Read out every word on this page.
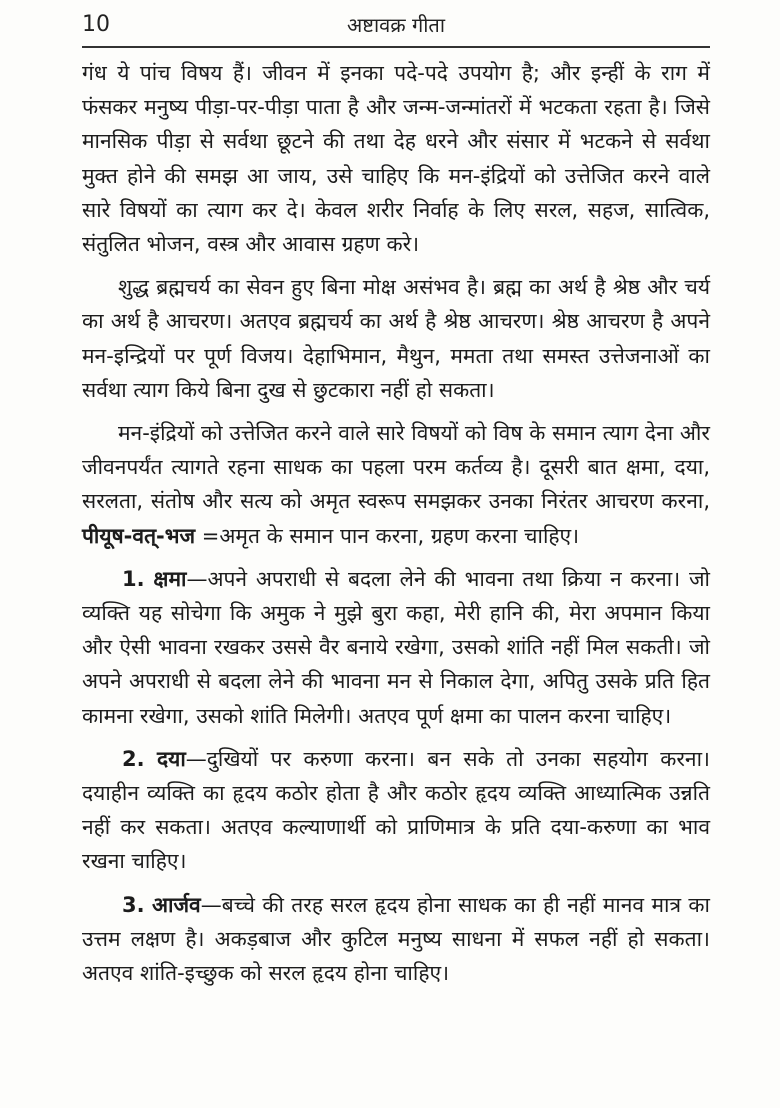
10	अष्टावक्र गीता

गंध ये पांच विषय हैं। जीवन में इनका पदे-पदे उपयोग है; और इन्हीं के राग में फंसकर मनुष्य पीड़ा-पर-पीड़ा पाता है और जन्म-जन्मांतरों में भटकता रहता है। जिसे मानसिक पीड़ा से सर्वथा छूटने की तथा देह धरने और संसार में भटकने से सर्वथा मुक्त होने की समझ आ जाय, उसे चाहिए कि मन-इंद्रियों को उत्तेजित करने वाले सारे विषयों का त्याग कर दे। केवल शरीर निर्वाह के लिए सरल, सहज, सात्विक, संतुलित भोजन, वस्त्र और आवास ग्रहण करे।

शुद्ध ब्रह्मचर्य का सेवन हुए बिना मोक्ष असंभव है। ब्रह्म का अर्थ है श्रेष्ठ और चर्य का अर्थ है आचरण। अतएव ब्रह्मचर्य का अर्थ है श्रेष्ठ आचरण। श्रेष्ठ आचरण है अपने मन-इन्द्रियों पर पूर्ण विजय। देहाभिमान, मैथुन, ममता तथा समस्त उत्तेजनाओं का सर्वथा त्याग किये बिना दुख से छुटकारा नहीं हो सकता।

मन-इंद्रियों को उत्तेजित करने वाले सारे विषयों को विष के समान त्याग देना और जीवनपर्यंत त्यागते रहना साधक का पहला परम कर्तव्य है। दूसरी बात क्षमा, दया, सरलता, संतोष और सत्य को अमृत स्वरूप समझकर उनका निरंतर आचरण करना, पीयूष-वत्-भज =अमृत के समान पान करना, ग्रहण करना चाहिए।

1. क्षमा—अपने अपराधी से बदला लेने की भावना तथा क्रिया न करना। जो व्यक्ति यह सोचेगा कि अमुक ने मुझे बुरा कहा, मेरी हानि की, मेरा अपमान किया और ऐसी भावना रखकर उससे वैर बनाये रखेगा, उसको शांति नहीं मिल सकती। जो अपने अपराधी से बदला लेने की भावना मन से निकाल देगा, अपितु उसके प्रति हित कामना रखेगा, उसको शांति मिलेगी। अतएव पूर्ण क्षमा का पालन करना चाहिए।

2. दया—दुखियों पर करुणा करना। बन सके तो उनका सहयोग करना। दयाहीन व्यक्ति का हृदय कठोर होता है और कठोर हृदय व्यक्ति आध्यात्मिक उन्नति नहीं कर सकता। अतएव कल्याणार्थी को प्राणिमात्र के प्रति दया-करुणा का भाव रखना चाहिए।

3. आर्जव—बच्चे की तरह सरल हृदय होना साधक का ही नहीं मानव मात्र का उत्तम लक्षण है। अकड़बाज और कुटिल मनुष्य साधना में सफल नहीं हो सकता। अतएव शांति-इच्छुक को सरल हृदय होना चाहिए।
